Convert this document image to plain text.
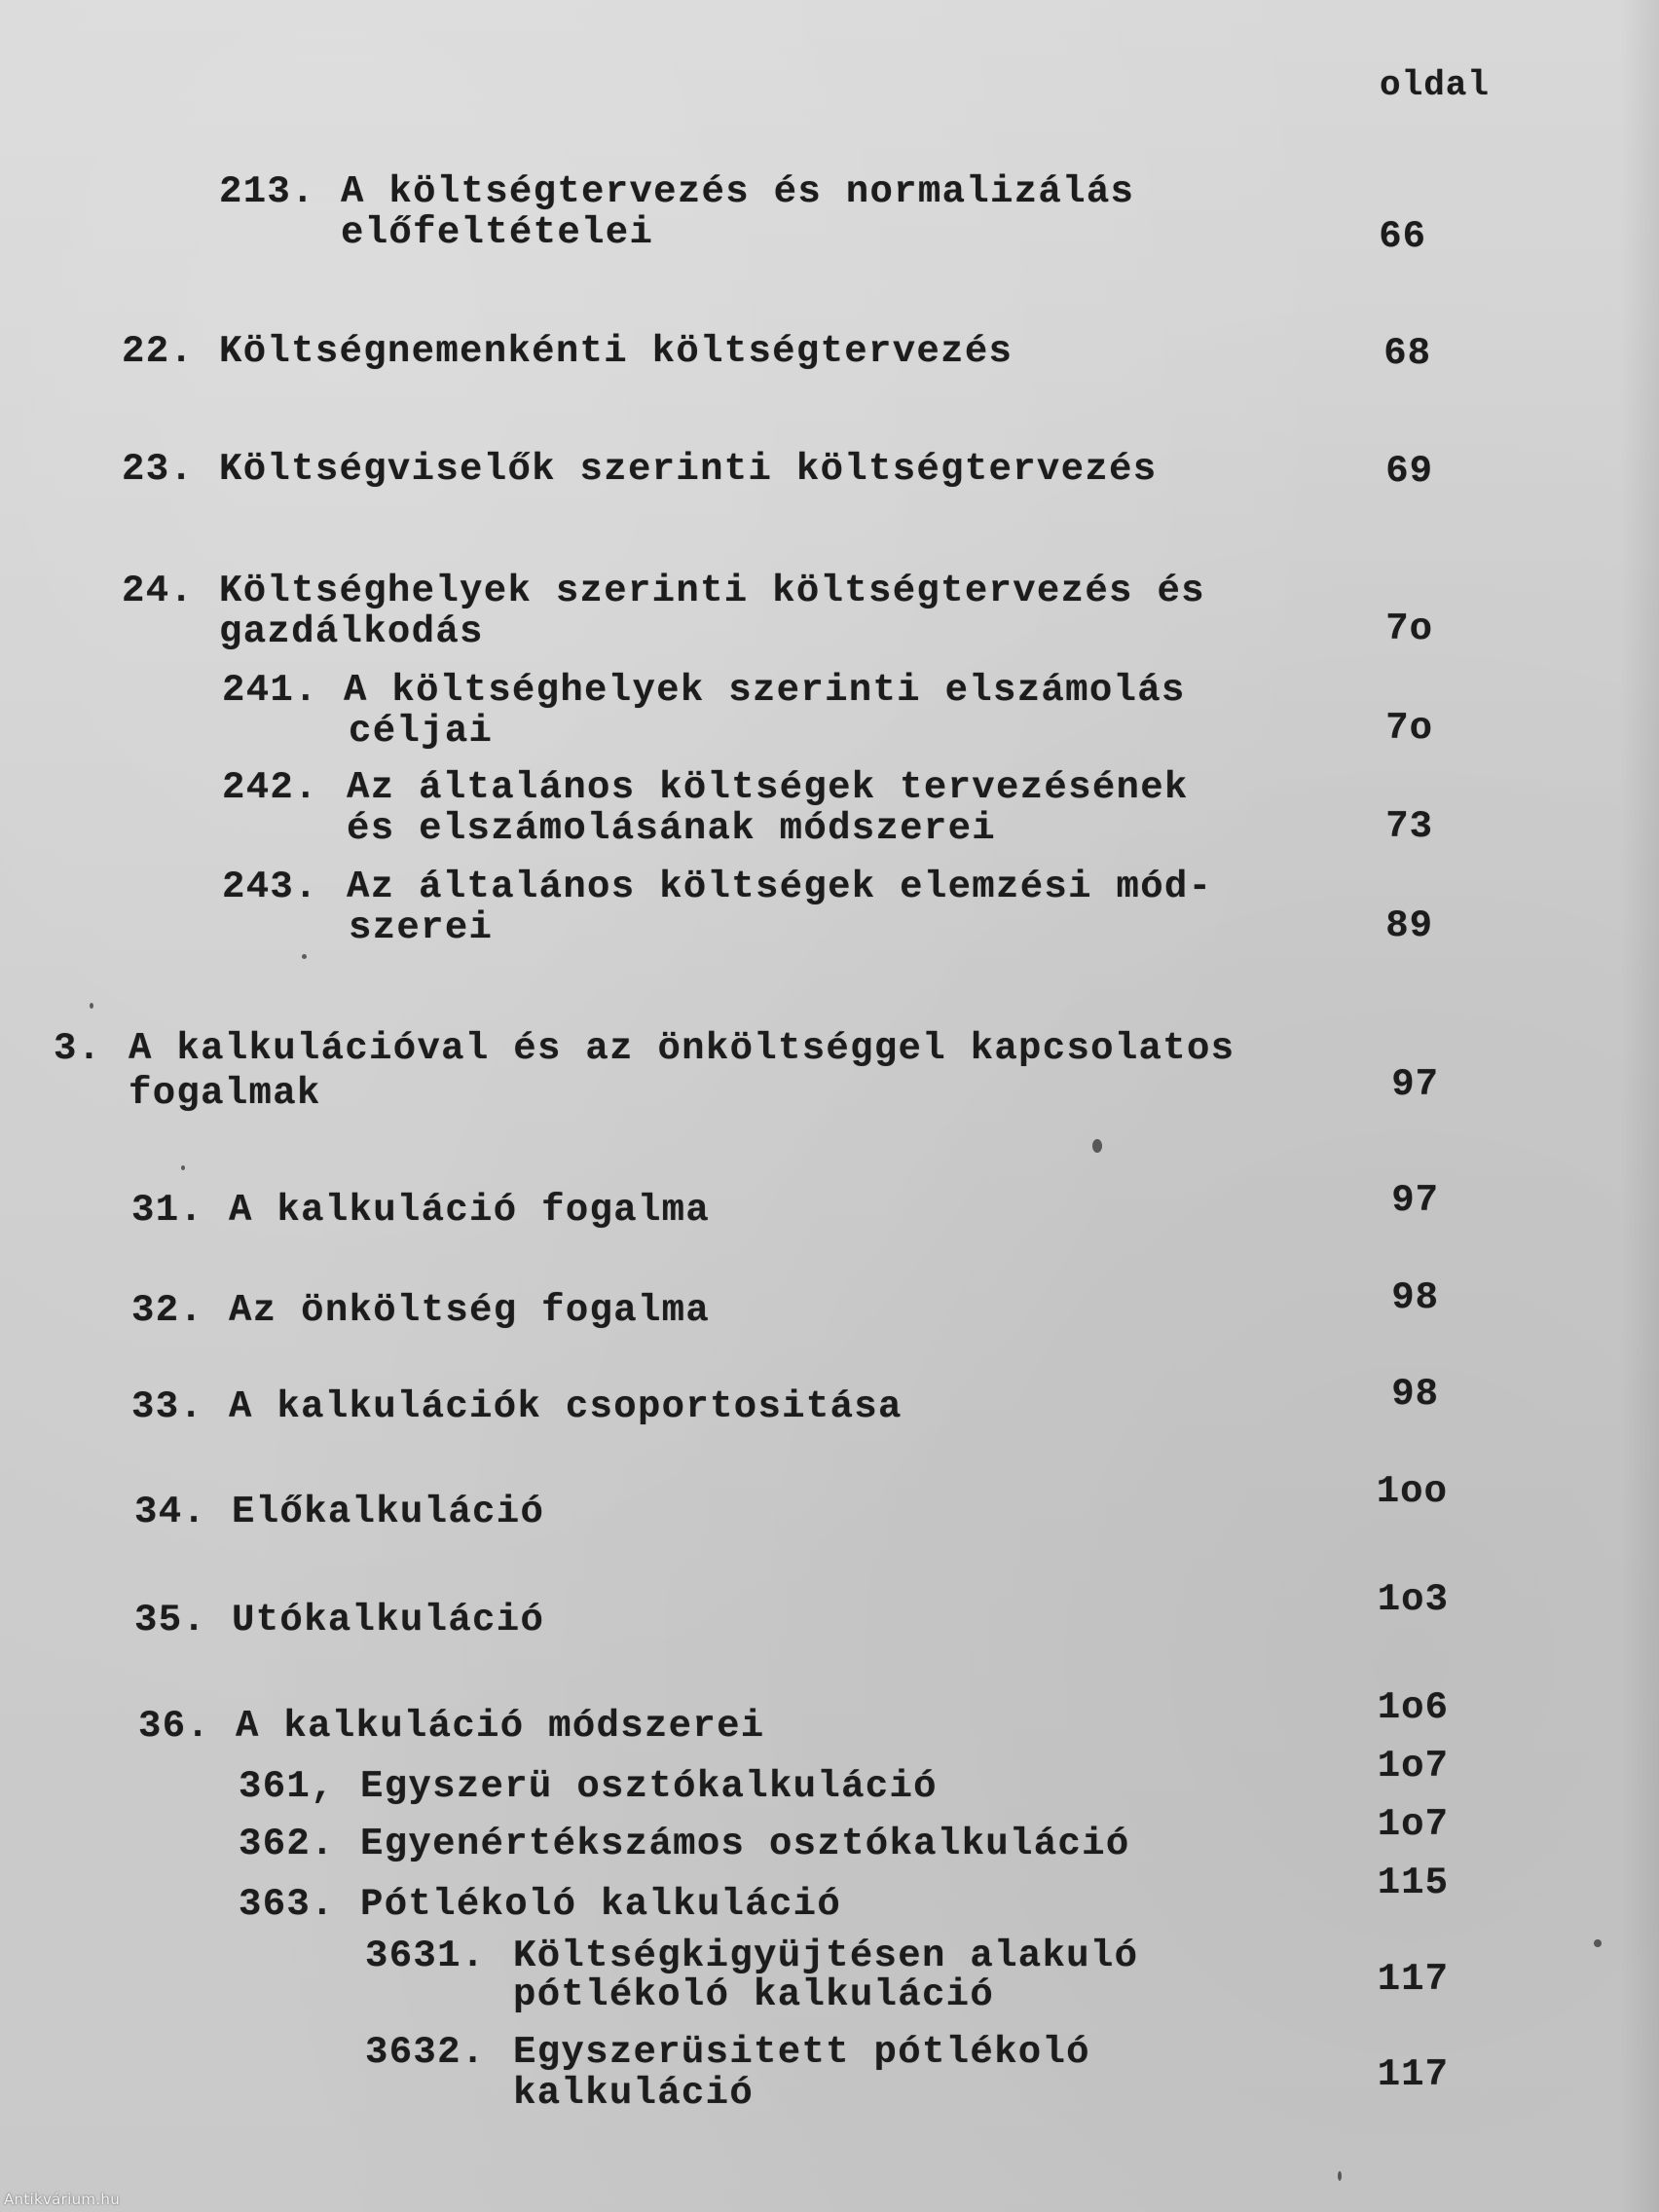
oldal
213. A költségtervezés és normalizálás
előfeltételei	66
22. Költségnemenkénti költségtervezés	68
23. Költségviselők szerinti költségtervezés	69
24. Költséghelyek szerinti költségtervezés és
gazdálkodás	7o
241. A költséghelyek szerinti elszámolás
céljai	7o
242. Az általános költségek tervezésének
és elszámolásának módszerei	73
243. Az általános költségek elemzési mód-
szerei	89
3. A kalkulációval és az önköltséggel kapcsolatos
fogalmak	97
31. A kalkuláció fogalma	97
32. Az önköltség fogalma	98
33. A kalkulációk csoportositása	98
34. Előkalkuláció	1oo
35. Utókalkuláció	1o3
36. A kalkuláció módszerei	1o6
361, Egyszerü osztókalkuláció	1o7
362. Egyenértékszámos osztókalkuláció	1o7
363. Pótlékoló kalkuláció	115
3631. Költségkigyüjtésen alakuló
pótlékoló kalkuláció	117
3632. Egyszerüsitett pótlékoló
kalkuláció	117
Antikvárium.hu
